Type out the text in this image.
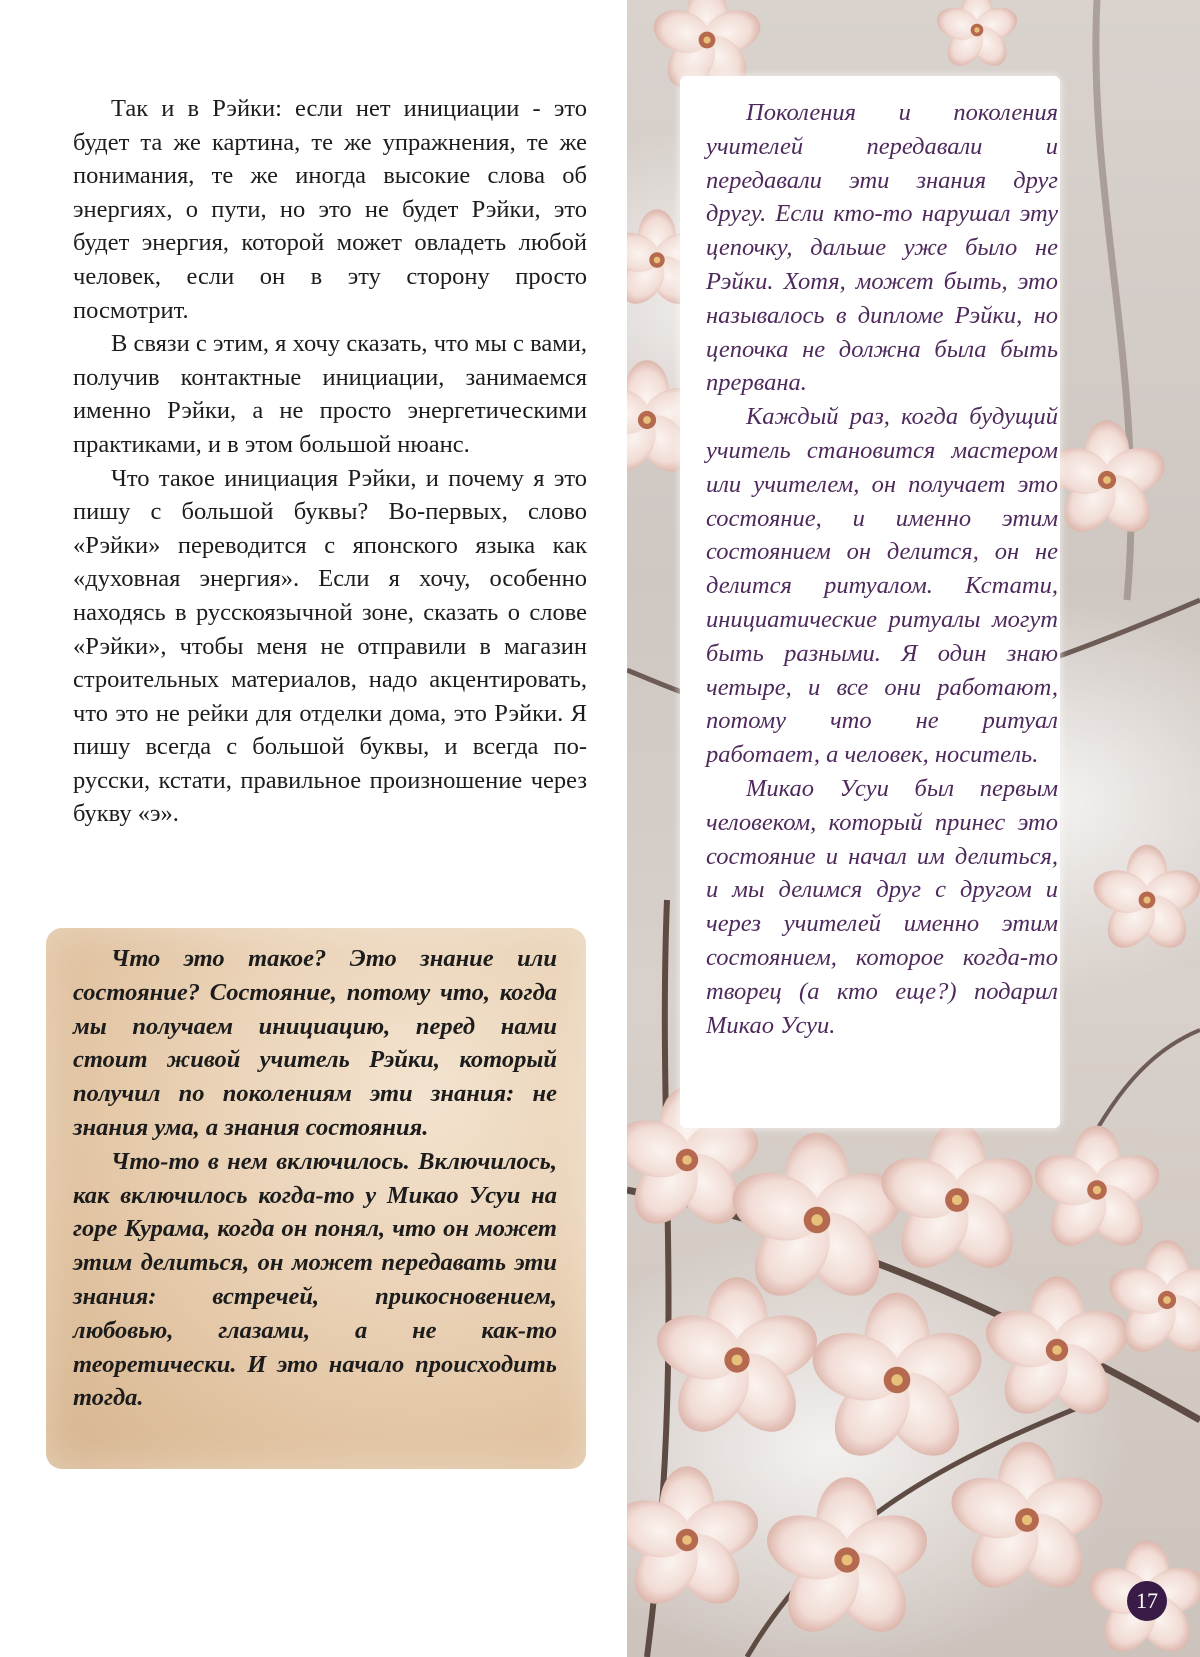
Так и в Рэйки: если нет инициации - это будет та же картина, те же упражнения, те же понимания, те же иногда высокие слова об энергиях, о пути, но это не будет Рэйки, это будет энергия, которой может овладеть любой человек, если он в эту сторону просто посмотрит.

В связи с этим, я хочу сказать, что мы с вами, получив контактные инициации, занимаемся именно Рэйки, а не просто энергетическими практиками, и в этом большой нюанс.

Что такое инициация Рэйки, и почему я это пишу с большой буквы? Во-первых, слово «Рэйки» переводится с японского языка как «духовная энергия». Если я хочу, особенно находясь в русскоязычной зоне, сказать о слове «Рэйки», чтобы меня не отправили в магазин строительных материалов, надо акцентировать, что это не рейки для отделки дома, это Рэйки. Я пишу всегда с большой буквы, и всегда по-русски, кстати, правильное произношение через букву «э».

Что это такое? Это знание или состояние? Состояние, потому что, когда мы получаем инициацию, перед нами стоит живой учитель Рэйки, который получил по поколениям эти знания: не знания ума, а знания состояния.

Что-то в нем включилось. Включилось, как включилось когда-то у Микао Усуи на горе Курама, когда он понял, что он может этим делиться, он может передавать эти знания: встречей, прикосновением, любовью, глазами, а не как-то теоретически. И это начало происходить тогда.

Поколения и поколения учителей передавали и передавали эти знания друг другу. Если кто-то нарушал эту цепочку, дальше уже было не Рэйки. Хотя, может быть, это называлось в дипломе Рэйки, но цепочка не должна была быть прервана.

Каждый раз, когда будущий учитель становится мастером или учителем, он получает это состояние, и именно этим состоянием он делится, он не делится ритуалом. Кстати, инициатические ритуалы могут быть разными. Я один знаю четыре, и все они работают, потому что не ритуал работает, а человек, носитель.

Микао Усуи был первым человеком, который принес это состояние и начал им делиться, и мы делимся друг с другом и через учителей именно этим состоянием, которое когда-то творец (а кто еще?) подарил Микао Усуи.

17
